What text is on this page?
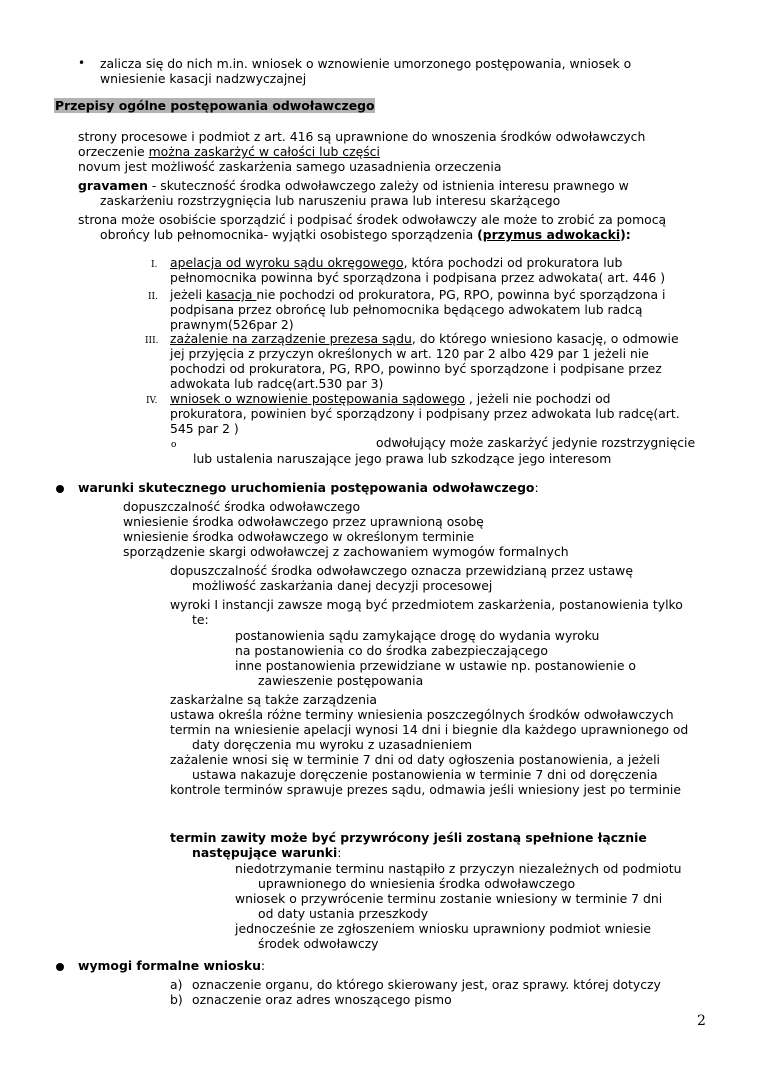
• zalicza się do nich m.in. wniosek o wznowienie umorzonego postępowania, wniosek o
wniesienie kasacji nadzwyczajnej
Przepisy ogólne postępowania odwoławczego
strony procesowe i podmiot z art. 416 są uprawnione do wnoszenia środków odwoławczych
orzeczenie można zaskarżyć w całości lub części
novum jest możliwość zaskarżenia samego uzasadnienia orzeczenia
gravamen - skuteczność środka odwoławczego zależy od istnienia interesu prawnego w
zaskarżeniu rozstrzygnięcia lub naruszeniu prawa lub interesu skarżącego
strona może osobiście sporządzić i podpisać środek odwoławczy ale może to zrobić za pomocą
obrońcy lub pełnomocnika- wyjątki osobistego sporządzenia (przymus adwokacki):
I. apelacja od wyroku sądu okręgowego, która pochodzi od prokuratora lub
pełnomocnika powinna być sporządzona i podpisana przez adwokata( art. 446 )
II. jeżeli kasacja nie pochodzi od prokuratora, PG, RPO, powinna być sporządzona i
podpisana przez obrońcę lub pełnomocnika będącego adwokatem lub radcą
prawnym(526par 2)
III. zażalenie na zarządzenie prezesa sądu, do którego wniesiono kasację, o odmowie
jej przyjęcia z przyczyn określonych w art. 120 par 2 albo 429 par 1 jeżeli nie
pochodzi od prokuratora, PG, RPO, powinno być sporządzone i podpisane przez
adwokata lub radcę(art.530 par 3)
IV. wniosek o wznowienie postępowania sądowego , jeżeli nie pochodzi od
prokuratora, powinien być sporządzony i podpisany przez adwokata lub radcę(art.
545 par 2 )
o	odwołujący może zaskarżyć jedynie rozstrzygnięcie
lub ustalenia naruszające jego prawa lub szkodzące jego interesom
warunki skutecznego uruchomienia postępowania odwoławczego:
dopuszczalność środka odwoławczego
wniesienie środka odwoławczego przez uprawnioną osobę
wniesienie środka odwoławczego w określonym terminie
sporządzenie skargi odwoławczej z zachowaniem wymogów formalnych
dopuszczalność środka odwoławczego oznacza przewidzianą przez ustawę
możliwość zaskarżania danej decyzji procesowej
wyroki I instancji zawsze mogą być przedmiotem zaskarżenia, postanowienia tylko
te:
postanowienia sądu zamykające drogę do wydania wyroku
na postanowienia co do środka zabezpieczającego
inne postanowienia przewidziane w ustawie np. postanowienie o
zawieszenie postępowania
zaskarżalne są także zarządzenia
ustawa określa różne terminy wniesienia poszczególnych środków odwoławczych
termin na wniesienie apelacji wynosi 14 dni i biegnie dla każdego uprawnionego od
daty doręczenia mu wyroku z uzasadnieniem
zażalenie wnosi się w terminie 7 dni od daty ogłoszenia postanowienia, a jeżeli
ustawa nakazuje doręczenie postanowienia w terminie 7 dni od doręczenia
kontrole terminów sprawuje prezes sądu, odmawia jeśli wniesiony jest po terminie
termin zawity może być przywrócony jeśli zostaną spełnione łącznie
następujące warunki:
niedotrzymanie terminu nastąpiło z przyczyn niezależnych od podmiotu
uprawnionego do wniesienia środka odwoławczego
wniosek o przywrócenie terminu zostanie wniesiony w terminie 7 dni
od daty ustania przeszkody
jednocześnie ze zgłoszeniem wniosku uprawniony podmiot wniesie
środek odwoławczy
wymogi formalne wniosku:
a) oznaczenie organu, do którego skierowany jest, oraz sprawy. której dotyczy
b) oznaczenie oraz adres wnoszącego pismo
2
